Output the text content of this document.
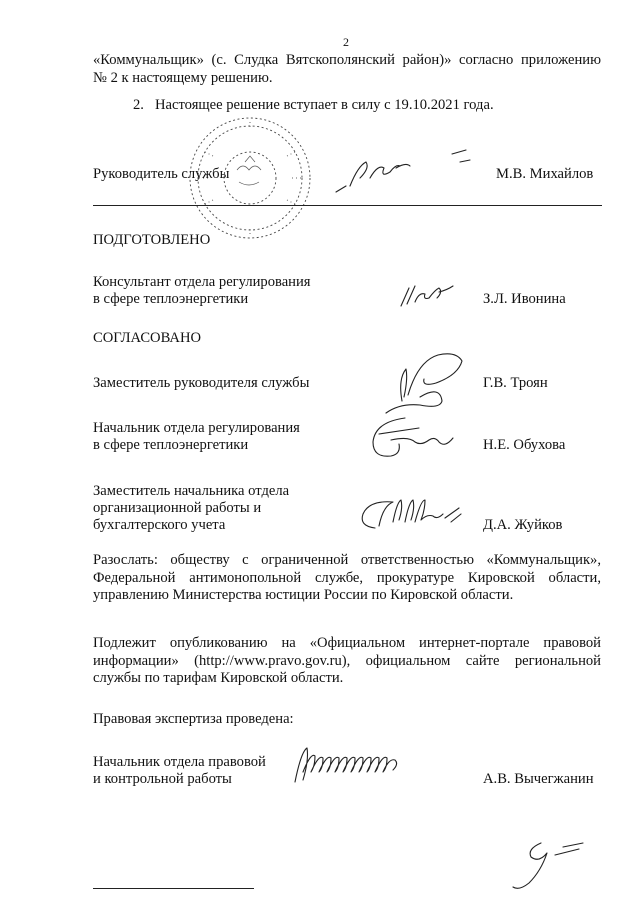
2
«Коммунальщик» (с. Слудка Вятскополянский район)» согласно приложению
№ 2 к настоящему решению.
2. Настоящее решение вступает в силу с 19.10.2021 года.
Руководитель службы	М.В. Михайлов
ПОДГОТОВЛЕНО
Консультант отдела регулирования
в сфере теплоэнергетики	З.Л. Ивонина
СОГЛАСОВАНО
Заместитель руководителя службы	Г.В. Троян
Начальник отдела регулирования
в сфере теплоэнергетики	Н.Е. Обухова
Заместитель начальника отдела
организационной работы и
бухгалтерского учета	Д.А. Жуйков
Разослать: обществу с ограниченной ответственностью «Коммунальщик»,
Федеральной антимонопольной службе, прокуратуре Кировской области,
управлению Министерства юстиции России по Кировской области.
Подлежит опубликованию на «Официальном интернет-портале правовой
информации» (http://www.pravo.gov.ru), официальном сайте региональной
службы по тарифам Кировской области.
Правовая экспертиза проведена:
Начальник отдела правовой
и контрольной работы	А.В. Вычегжанин
